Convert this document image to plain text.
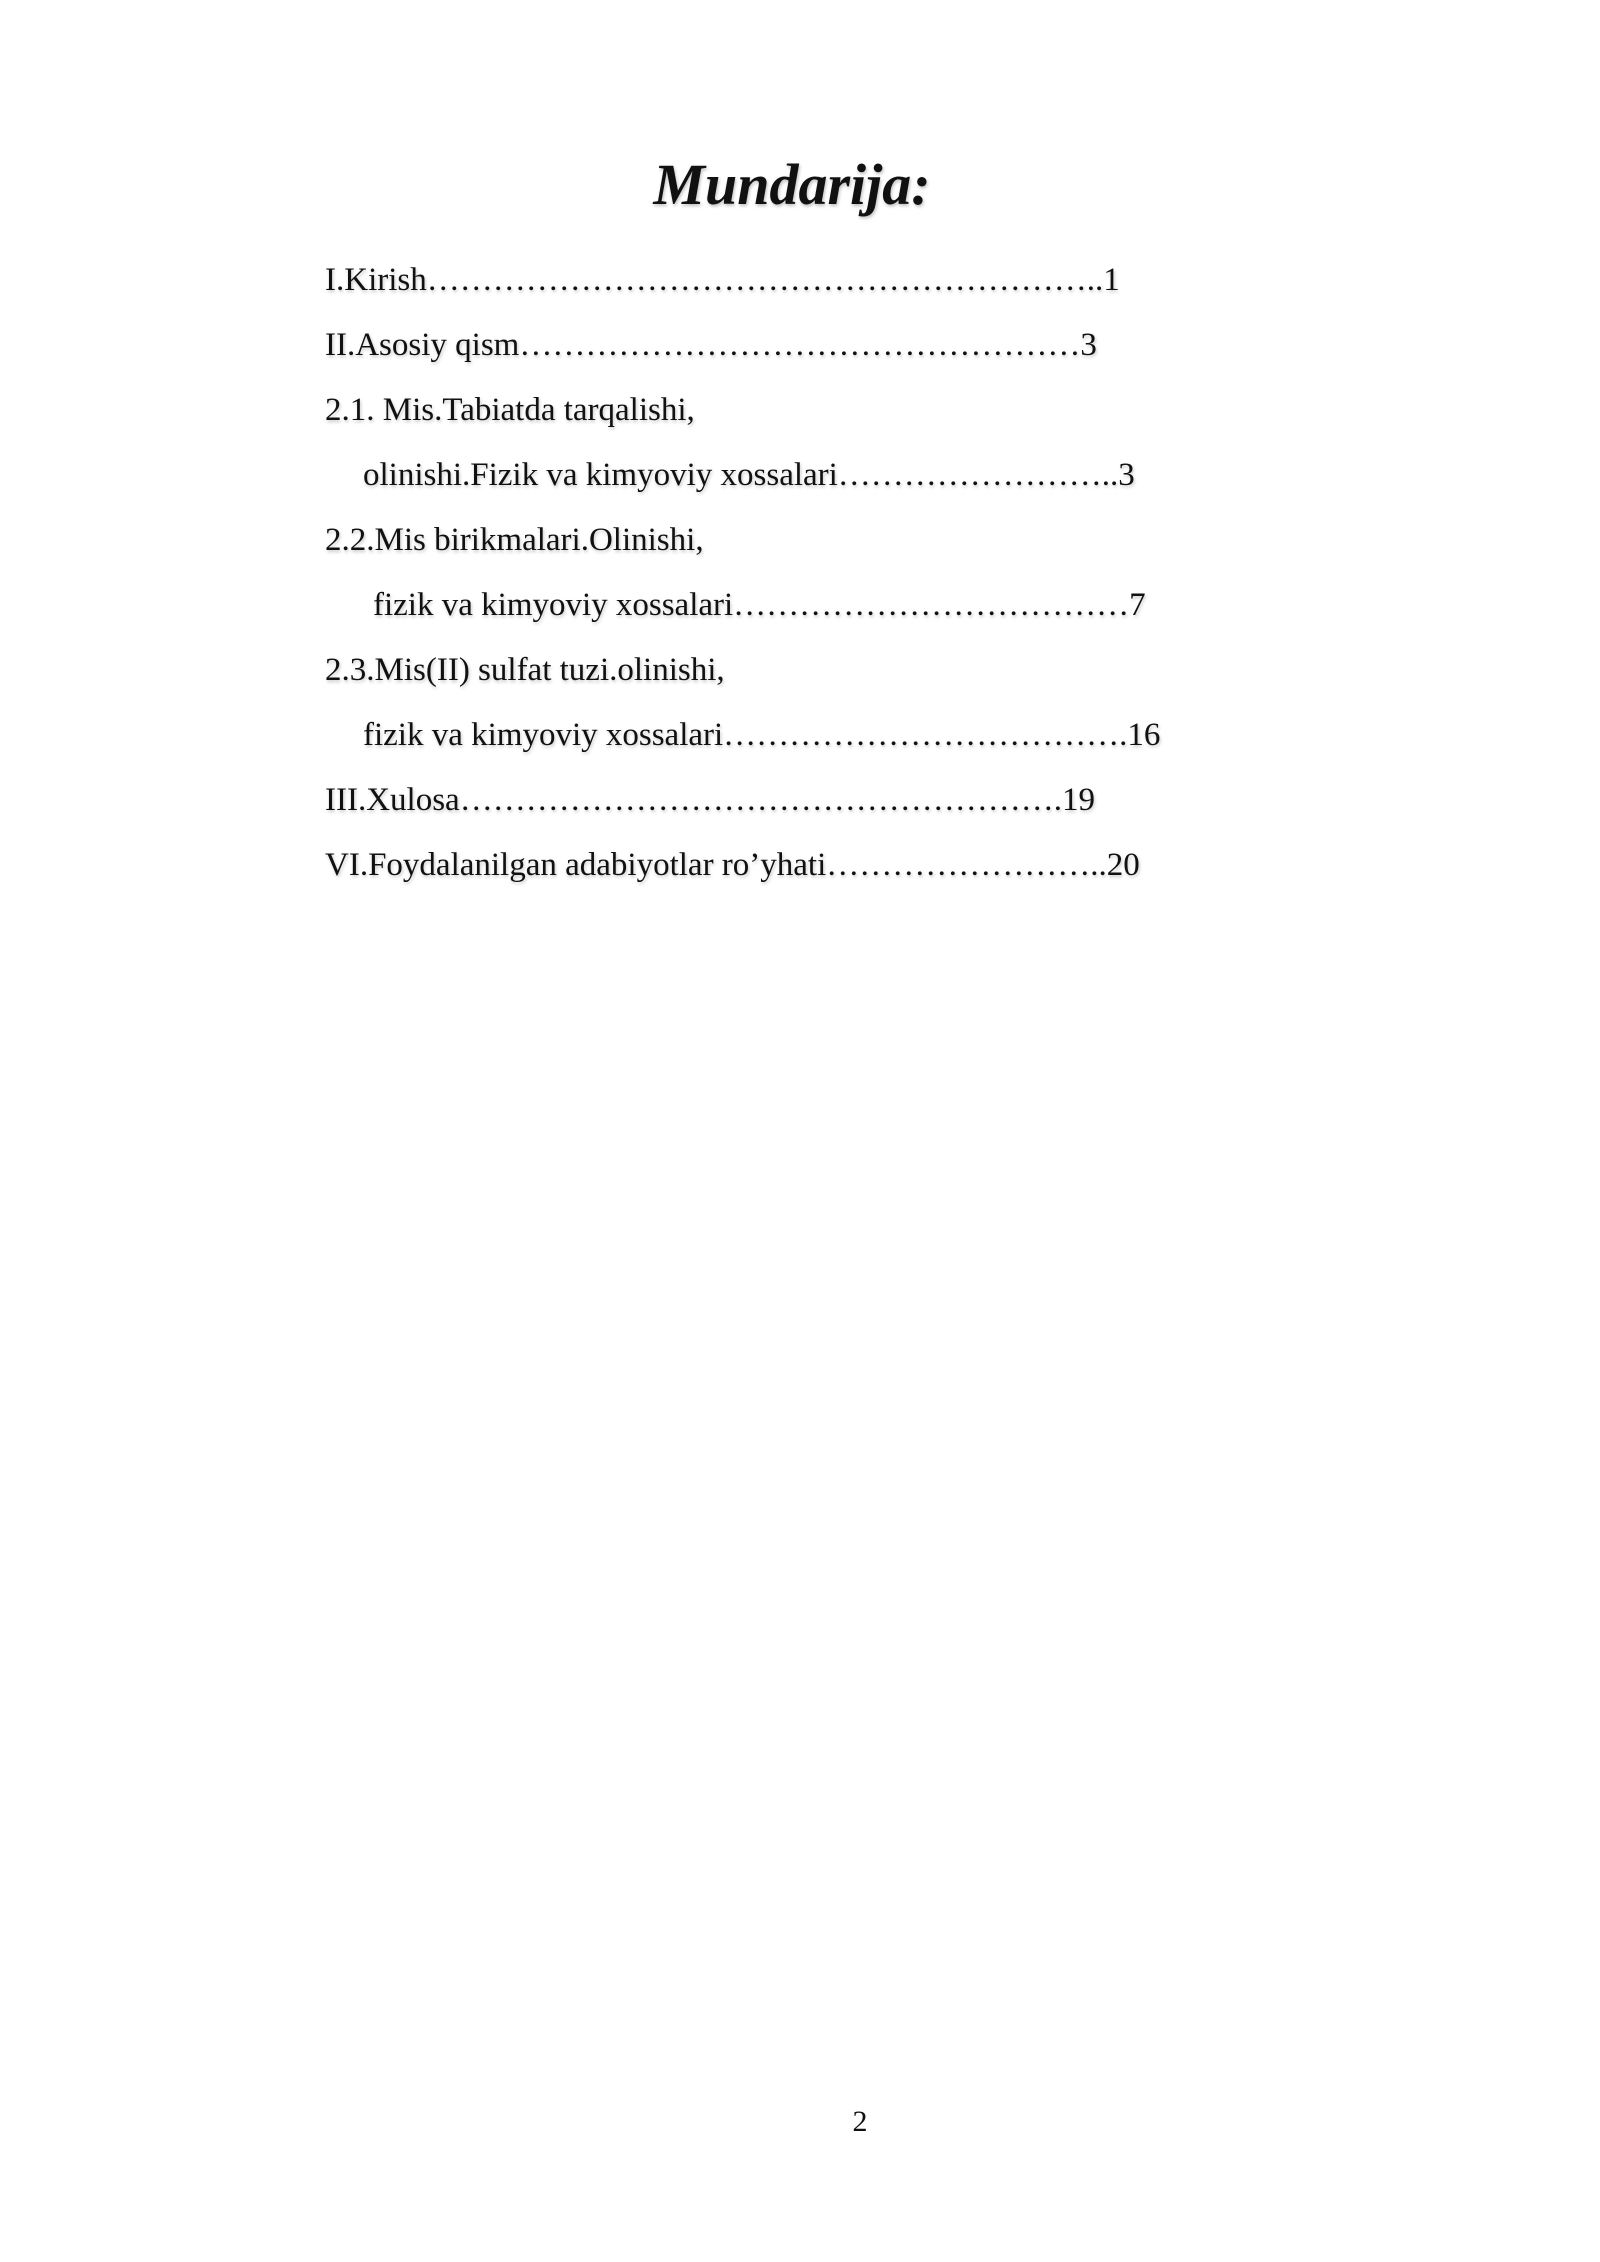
Mundarija:
I.Kirish……………………………………………………..1
II.Asosiy qism……………………………………………3
2.1. Mis.Tabiatda tarqalishi,
olinishi.Fizik va kimyoviy xossalari……………………..3
2.2.Mis birikmalari.Olinishi,
fizik va kimyoviy xossalari………………………………7
2.3.Mis(II) sulfat tuzi.olinishi,
fizik va kimyoviy xossalari……………………………….16
III.Xulosa……………………………………………….19
VI.Foydalanilgan adabiyotlar ro’yhati……………………..20
2
